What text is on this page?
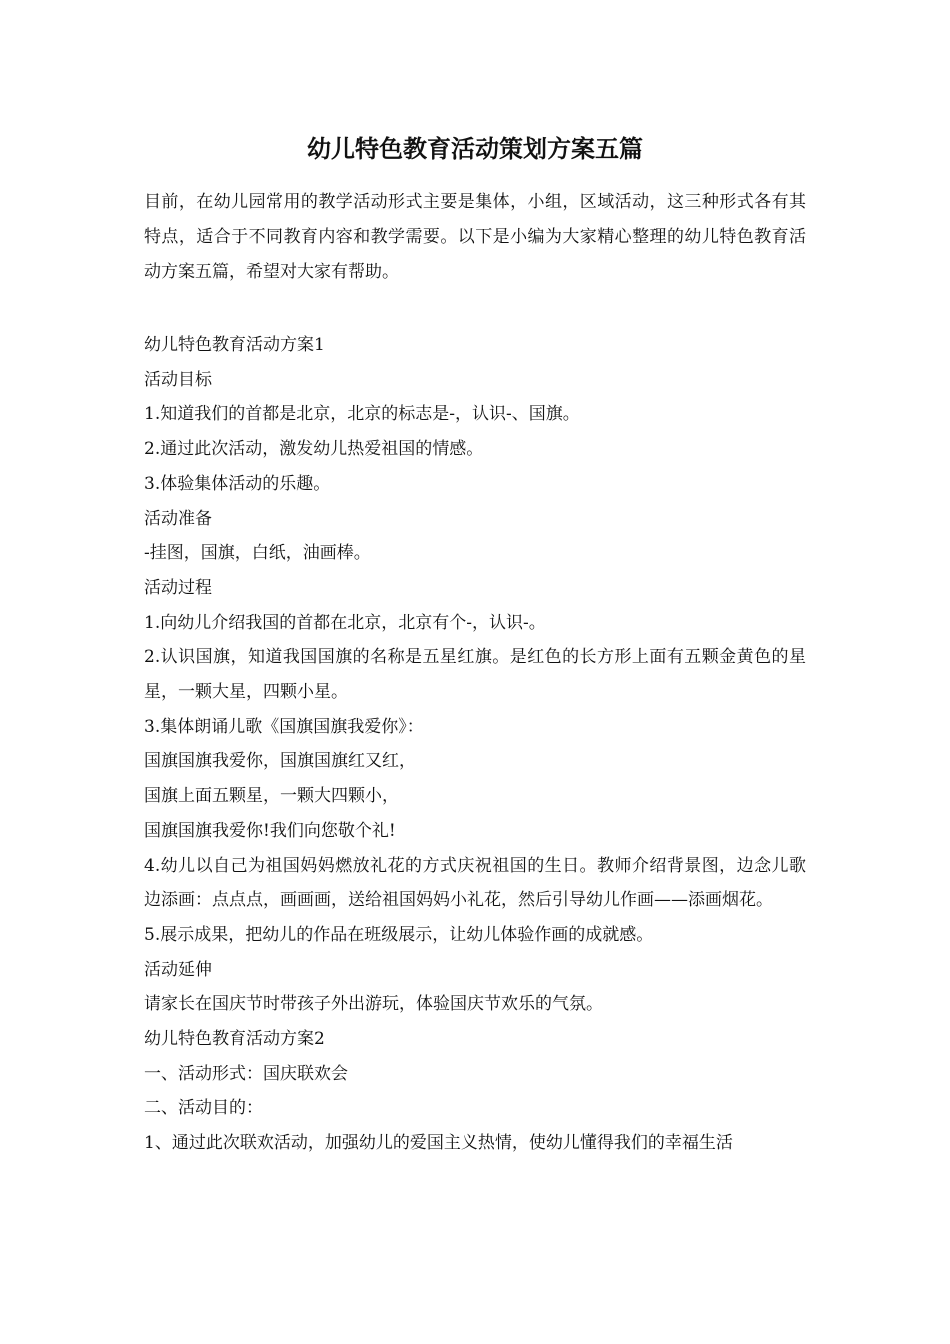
幼儿特色教育活动策划方案五篇

目前，在幼儿园常用的教学活动形式主要是集体，小组，区域活动，这三种形式各有其特点，适合于不同教育内容和教学需要。以下是小编为大家精心整理的幼儿特色教育活动方案五篇，希望对大家有帮助。

幼儿特色教育活动方案1

活动目标

1.知道我们的首都是北京，北京的标志是-，认识-、国旗。

2.通过此次活动，激发幼儿热爱祖国的情感。

3.体验集体活动的乐趣。

活动准备

-挂图，国旗，白纸，油画棒。

活动过程

1.向幼儿介绍我国的首都在北京，北京有个-，认识-。

2.认识国旗，知道我国国旗的名称是五星红旗。是红色的长方形上面有五颗金黄色的星星，一颗大星，四颗小星。

3.集体朗诵儿歌《国旗国旗我爱你》：

国旗国旗我爱你，国旗国旗红又红，

国旗上面五颗星，一颗大四颗小，

国旗国旗我爱你!我们向您敬个礼!

4.幼儿以自己为祖国妈妈燃放礼花的方式庆祝祖国的生日。教师介绍背景图，边念儿歌边添画：点点点，画画画，送给祖国妈妈小礼花，然后引导幼儿作画——添画烟花。

5.展示成果，把幼儿的作品在班级展示，让幼儿体验作画的成就感。

活动延伸

请家长在国庆节时带孩子外出游玩，体验国庆节欢乐的气氛。

幼儿特色教育活动方案2

一、活动形式：国庆联欢会

二、活动目的：

1、通过此次联欢活动，加强幼儿的爱国主义热情，使幼儿懂得我们的幸福生活
